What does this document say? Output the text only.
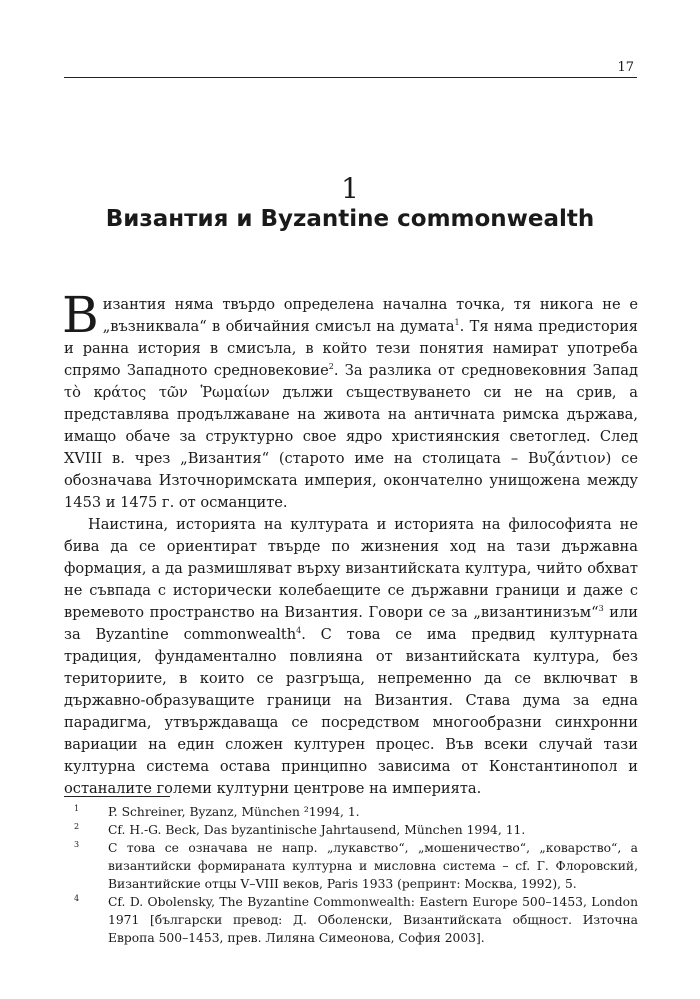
17
1
Византия и Byzantine commonwealth

Византия няма твърдо определена начална точка, тя никога не е „възниквала“ в обичайния смисъл на думата$^1$. Тя няма предистория и ранна история в смисъла, в който тези понятия намират употреба спрямо Западното средновековие$^2$. За разлика от средновековния Запад τὸ κράτος τῶν Ῥωμαίων дължи съществуването си не на срив, а представлява продължаване на живота на античната римска държава, имащо обаче за структурно свое ядро християнския светоглед. След XVIII в. чрез „Византия“ (старото име на столицата – Βυζάντιον) се обозначава Източноримската империя, окончателно унищожена между 1453 и 1475 г. от османците.

Наистина, историята на културата и историята на философията не бива да се ориентират твърде по жизнения ход на тази държавна формация, а да размишляват върху византийската култура, чийто обхват не съвпада с исторически колебаещите се държавни граници и даже с времевото пространство на Византия. Говори се за „византинизъм“$^3$ или за Byzantine commonwealth$^4$. С това се има предвид културната традиция, фундаментално повлияна от византийската култура, без териториите, в които се разгръща, непременно да се включват в държавно-образуващите граници на Византия. Става дума за една парадигма, утвърждаваща се посредством многообразни синхронни вариации на един сложен културен процес. Във всеки случай тази културна система остава принципно зависима от Константинопол и останалите големи културни центрове на империята.

1 P. Schreiner, Byzanz, München ²1994, 1.
2 Cf. H.-G. Beck, Das byzantinische Jahrtausend, München 1994, 11.
3 С това се означава не напр. „лукавство“, „мошеничество“, „коварство“, а византийски формираната културна и мисловна система – cf. Г. Флоровский, Византийские отцы V–VIII веков, Paris 1933 (репринт: Москва, 1992), 5.
4 Cf. D. Obolensky, The Byzantine Commonwealth: Eastern Europe 500–1453, London 1971 [български превод: Д. Оболенски, Византийската общност. Източна Европа 500–1453, прев. Лиляна Симеонова, София 2003].
